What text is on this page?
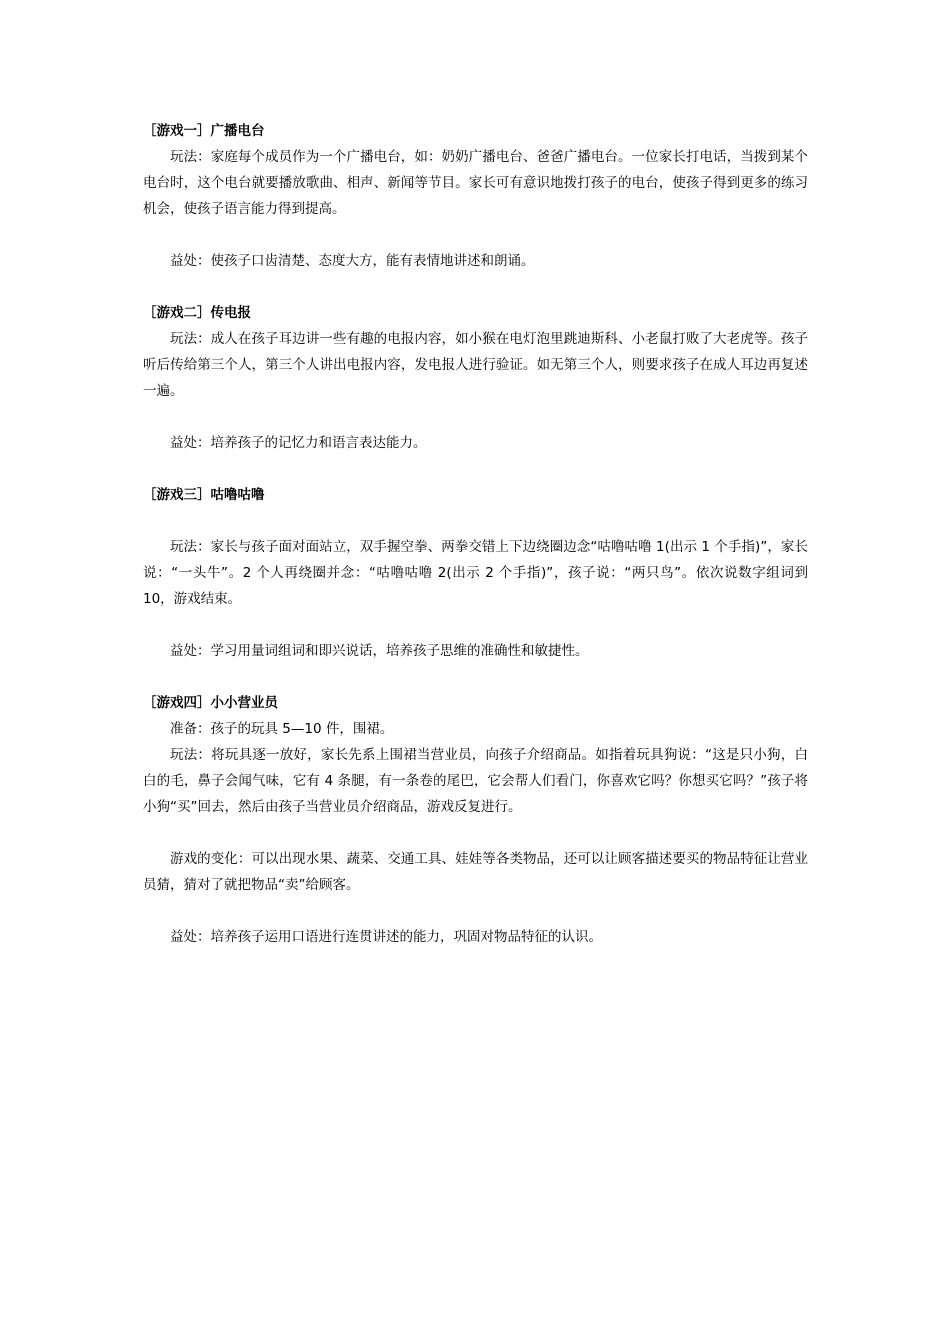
［游戏一］广播电台

玩法：家庭每个成员作为一个广播电台，如：奶奶广播电台、爸爸广播电台。一位家长打电话，当拨到某个电台时，这个电台就要播放歌曲、相声、新闻等节目。家长可有意识地拨打孩子的电台，使孩子得到更多的练习机会，使孩子语言能力得到提高。

益处：使孩子口齿清楚、态度大方，能有表情地讲述和朗诵。

［游戏二］传电报

玩法：成人在孩子耳边讲一些有趣的电报内容，如小猴在电灯泡里跳迪斯科、小老鼠打败了大老虎等。孩子听后传给第三个人，第三个人讲出电报内容，发电报人进行验证。如无第三个人，则要求孩子在成人耳边再复述一遍。

益处：培养孩子的记忆力和语言表达能力。

［游戏三］咕噜咕噜

玩法：家长与孩子面对面站立，双手握空拳、两拳交错上下边绕圈边念“咕噜咕噜 1(出示 1 个手指)”，家长说：“一头牛”。2 个人再绕圈并念：“咕噜咕噜 2(出示 2 个手指)”，孩子说：“两只鸟”。依次说数字组词到 10，游戏结束。

益处：学习用量词组词和即兴说话，培养孩子思维的准确性和敏捷性。

［游戏四］小小营业员

准备：孩子的玩具 5—10 件，围裙。

玩法：将玩具逐一放好，家长先系上围裙当营业员，向孩子介绍商品。如指着玩具狗说：“这是只小狗，白白的毛，鼻子会闻气味，它有 4 条腿，有一条卷的尾巴，它会帮人们看门，你喜欢它吗？你想买它吗？”孩子将小狗“买”回去，然后由孩子当营业员介绍商品，游戏反复进行。

游戏的变化：可以出现水果、蔬菜、交通工具、娃娃等各类物品，还可以让顾客描述要买的物品特征让营业员猜，猜对了就把物品“卖”给顾客。

益处：培养孩子运用口语进行连贯讲述的能力，巩固对物品特征的认识。
